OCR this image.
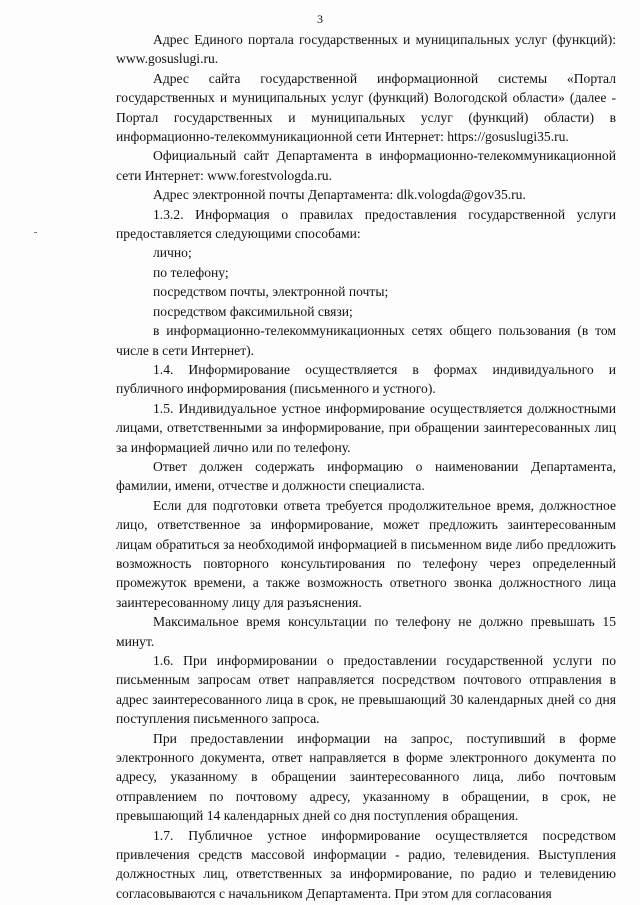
3

Адрес Единого портала государственных и муниципальных услуг (функций): www.gosuslugi.ru.

Адрес сайта государственной информационной системы «Портал государственных и муниципальных услуг (функций) Вологодской области» (далее - Портал государственных и муниципальных услуг (функций) области) в информационно-телекоммуникационной сети Интернет: https://gosuslugi35.ru.

Официальный сайт Департамента в информационно-телекоммуникационной сети Интернет: www.forestvologda.ru.

Адрес электронной почты Департамента: dlk.vologda@gov35.ru.

1.3.2. Информация о правилах предоставления государственной услуги предоставляется следующими способами:

лично;

по телефону;

посредством почты, электронной почты;

посредством факсимильной связи;

в информационно-телекоммуникационных сетях общего пользования (в том числе в сети Интернет).

1.4. Информирование осуществляется в формах индивидуального и публичного информирования (письменного и устного).

1.5. Индивидуальное устное информирование осуществляется должностными лицами, ответственными за информирование, при обращении заинтересованных лиц за информацией лично или по телефону.

Ответ должен содержать информацию о наименовании Департамента, фамилии, имени, отчестве и должности специалиста.

Если для подготовки ответа требуется продолжительное время, должностное лицо, ответственное за информирование, может предложить заинтересованным лицам обратиться за необходимой информацией в письменном виде либо предложить возможность повторного консультирования по телефону через определенный промежуток времени, а также возможность ответного звонка должностного лица заинтересованному лицу для разъяснения.

Максимальное время консультации по телефону не должно превышать 15 минут.

1.6. При информировании о предоставлении государственной услуги по письменным запросам ответ направляется посредством почтового отправления в адрес заинтересованного лица в срок, не превышающий 30 календарных дней со дня поступления письменного запроса.

При предоставлении информации на запрос, поступивший в форме электронного документа, ответ направляется в форме электронного документа по адресу, указанному в обращении заинтересованного лица, либо почтовым отправлением по почтовому адресу, указанному в обращении, в срок, не превышающий 14 календарных дней со дня поступления обращения.

1.7. Публичное устное информирование осуществляется посредством привлечения средств массовой информации - радио, телевидения. Выступления должностных лиц, ответственных за информирование, по радио и телевидению согласовываются с начальником Департамента. При этом для согласования
